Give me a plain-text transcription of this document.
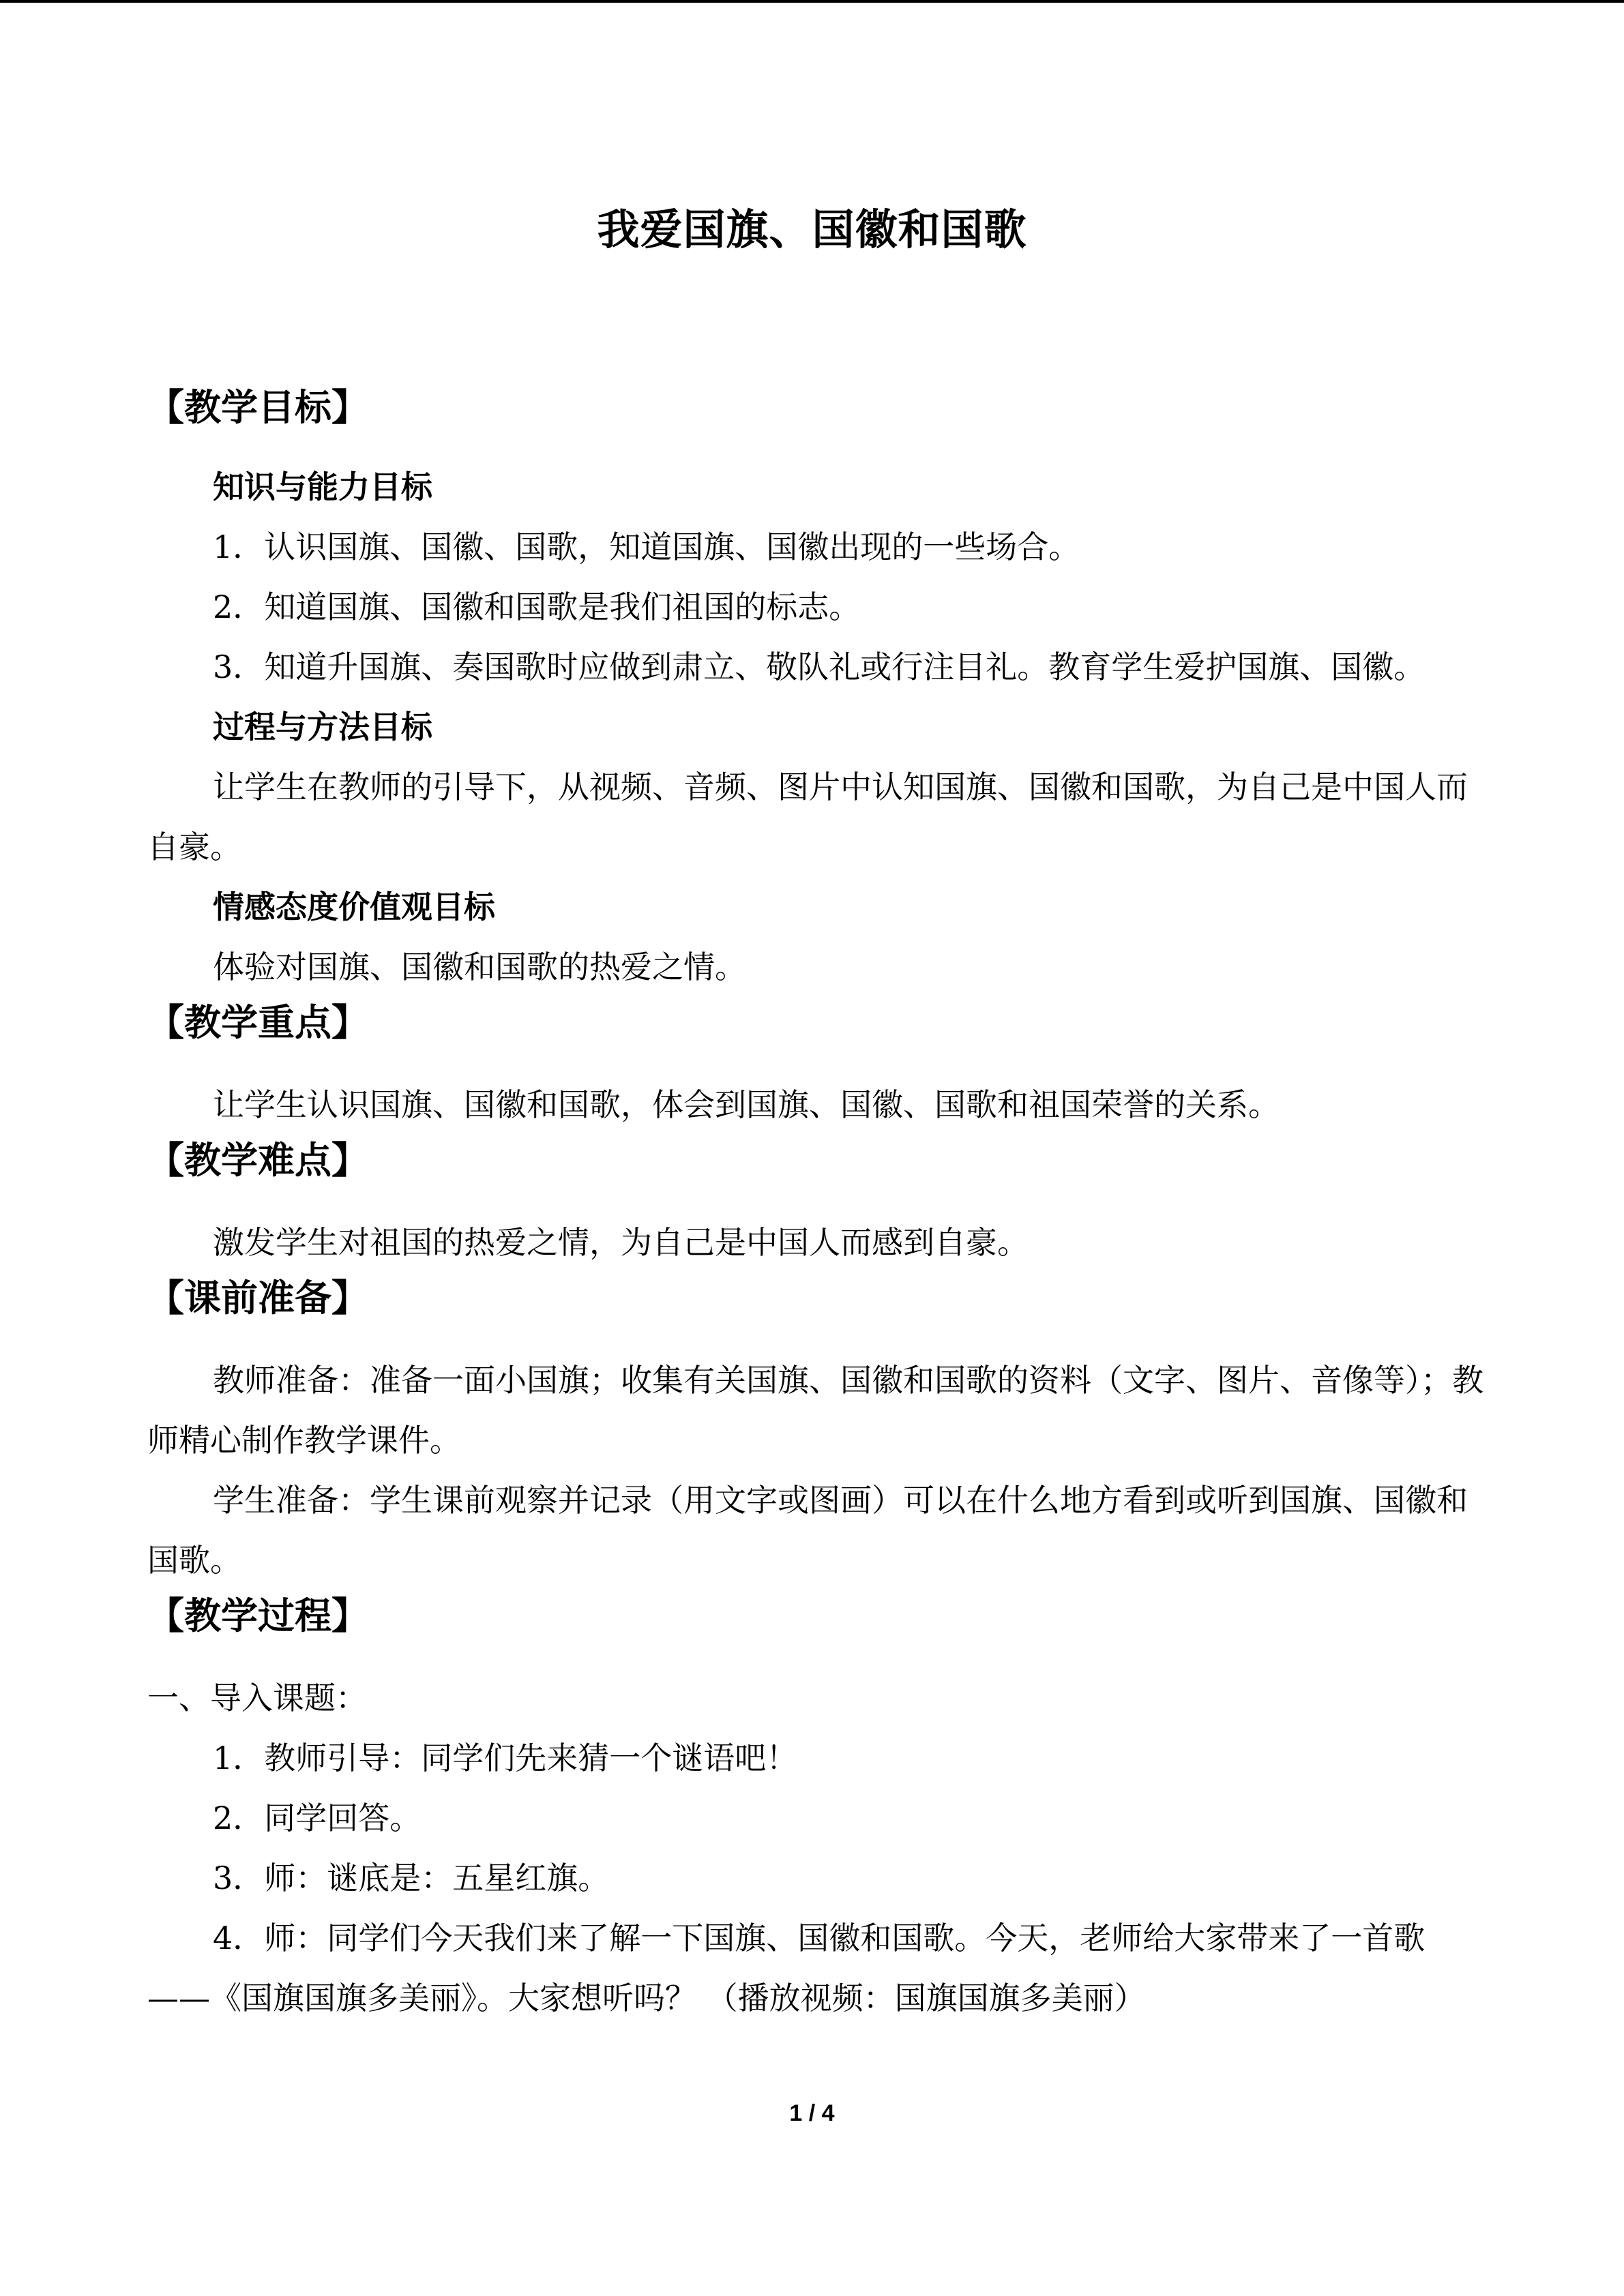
我爱国旗、国徽和国歌

【教学目标】

知识与能力目标

1．认识国旗、国徽、国歌，知道国旗、国徽出现的一些场合。

2．知道国旗、国徽和国歌是我们祖国的标志。

3．知道升国旗、奏国歌时应做到肃立、敬队礼或行注目礼。教育学生爱护国旗、国徽。

过程与方法目标

让学生在教师的引导下，从视频、音频、图片中认知国旗、国徽和国歌，为自己是中国人而自豪。

情感态度价值观目标

体验对国旗、国徽和国歌的热爱之情。

【教学重点】

让学生认识国旗、国徽和国歌，体会到国旗、国徽、国歌和祖国荣誉的关系。

【教学难点】

激发学生对祖国的热爱之情，为自己是中国人而感到自豪。

【课前准备】

教师准备：准备一面小国旗；收集有关国旗、国徽和国歌的资料（文字、图片、音像等）；教师精心制作教学课件。

学生准备：学生课前观察并记录（用文字或图画）可以在什么地方看到或听到国旗、国徽和国歌。

【教学过程】

一、导入课题：

1．教师引导：同学们先来猜一个谜语吧！

2．同学回答。

3．师：谜底是：五星红旗。

4．师：同学们今天我们来了解一下国旗、国徽和国歌。今天，老师给大家带来了一首歌——《国旗国旗多美丽》。大家想听吗？ （播放视频：国旗国旗多美丽）

1 / 4
